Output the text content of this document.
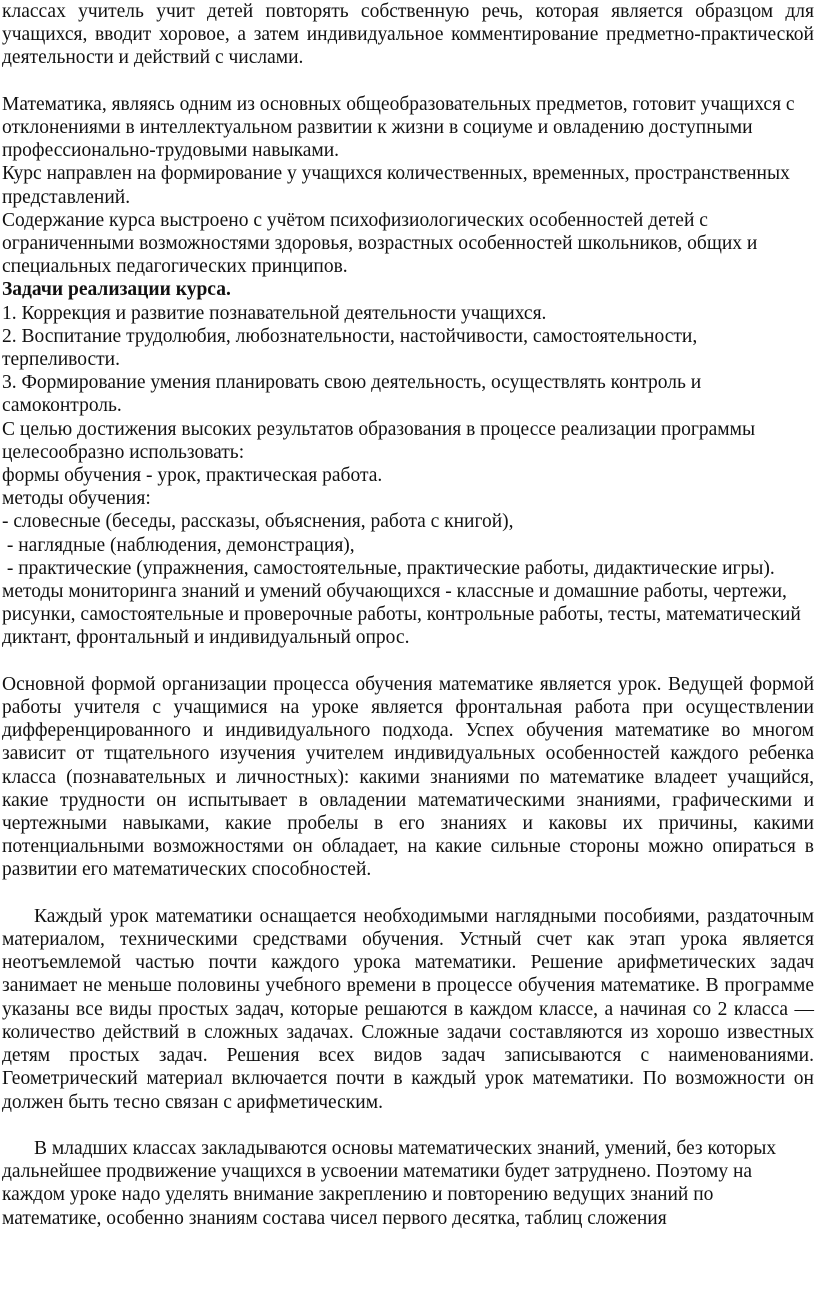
классах учитель учит детей повторять собственную речь, которая является образцом для учащихся, вводит хоровое, а затем индивидуальное комментирование предметно-практической деятельности и действий с числами.

Математика, являясь одним из основных общеобразовательных предметов, готовит учащихся с отклонениями в интеллектуальном развитии к жизни в социуме и овладению доступными профессионально-трудовыми навыками.

Курс направлен на формирование у учащихся количественных, временных, пространственных представлений.

Содержание курса выстроено с учётом психофизиологических особенностей детей с ограниченными возможностями здоровья, возрастных особенностей школьников, общих и специальных педагогических принципов.

Задачи реализации курса.

1. Коррекция и развитие познавательной деятельности учащихся.

2. Воспитание трудолюбия, любознательности, настойчивости, самостоятельности, терпеливости.

3. Формирование умения планировать свою деятельность, осуществлять контроль и самоконтроль.

С целью достижения высоких результатов образования в процессе реализации программы целесообразно использовать:

формы обучения - урок, практическая работа.

методы обучения:

- словесные (беседы, рассказы, объяснения, работа с книгой),

- наглядные (наблюдения, демонстрация),

- практические (упражнения, самостоятельные, практические работы, дидактические игры).

методы мониторинга знаний и умений обучающихся - классные и домашние работы, чертежи, рисунки, самостоятельные и проверочные работы, контрольные работы, тесты, математический диктант, фронтальный и индивидуальный опрос.

Основной формой организации процесса обучения математике является урок. Ведущей формой работы учителя с учащимися на уроке является фронтальная работа при осуществлении дифференцированного и индивидуального подхода. Успех обучения математике во многом зависит от тщательного изучения учителем индивидуальных особенностей каждого ребенка класса (познавательных и личностных): какими знаниями по математике владеет учащийся, какие трудности он испытывает в овладении математическими знаниями, графическими и чертежными навыками, какие пробелы в его знаниях и каковы их причины, какими потенциальными возможностями он обладает, на какие сильные стороны можно опираться в развитии его математических способностей.

Каждый урок математики оснащается необходимыми наглядными пособиями, раздаточным материалом, техническими средствами обучения. Устный счет как этап урока является неотъемлемой частью почти каждого урока математики. Решение арифметических задач занимает не меньше половины учебного времени в процессе обучения математике. В программе указаны все виды простых задач, которые решаются в каждом классе, а начиная со 2 класса — количество действий в сложных задачах. Сложные задачи составляются из хорошо известных детям простых задач. Решения всех видов задач записываются с наименованиями. Геометрический материал включается почти в каждый урок математики. По возможности он должен быть тесно связан с арифметическим.

В младших классах закладываются основы математических знаний, умений, без которых дальнейшее продвижение учащихся в усвоении математики будет затруднено. Поэтому на каждом уроке надо уделять внимание закреплению и повторению ведущих знаний по математике, особенно знаниям состава чисел первого десятка, таблиц сложения
